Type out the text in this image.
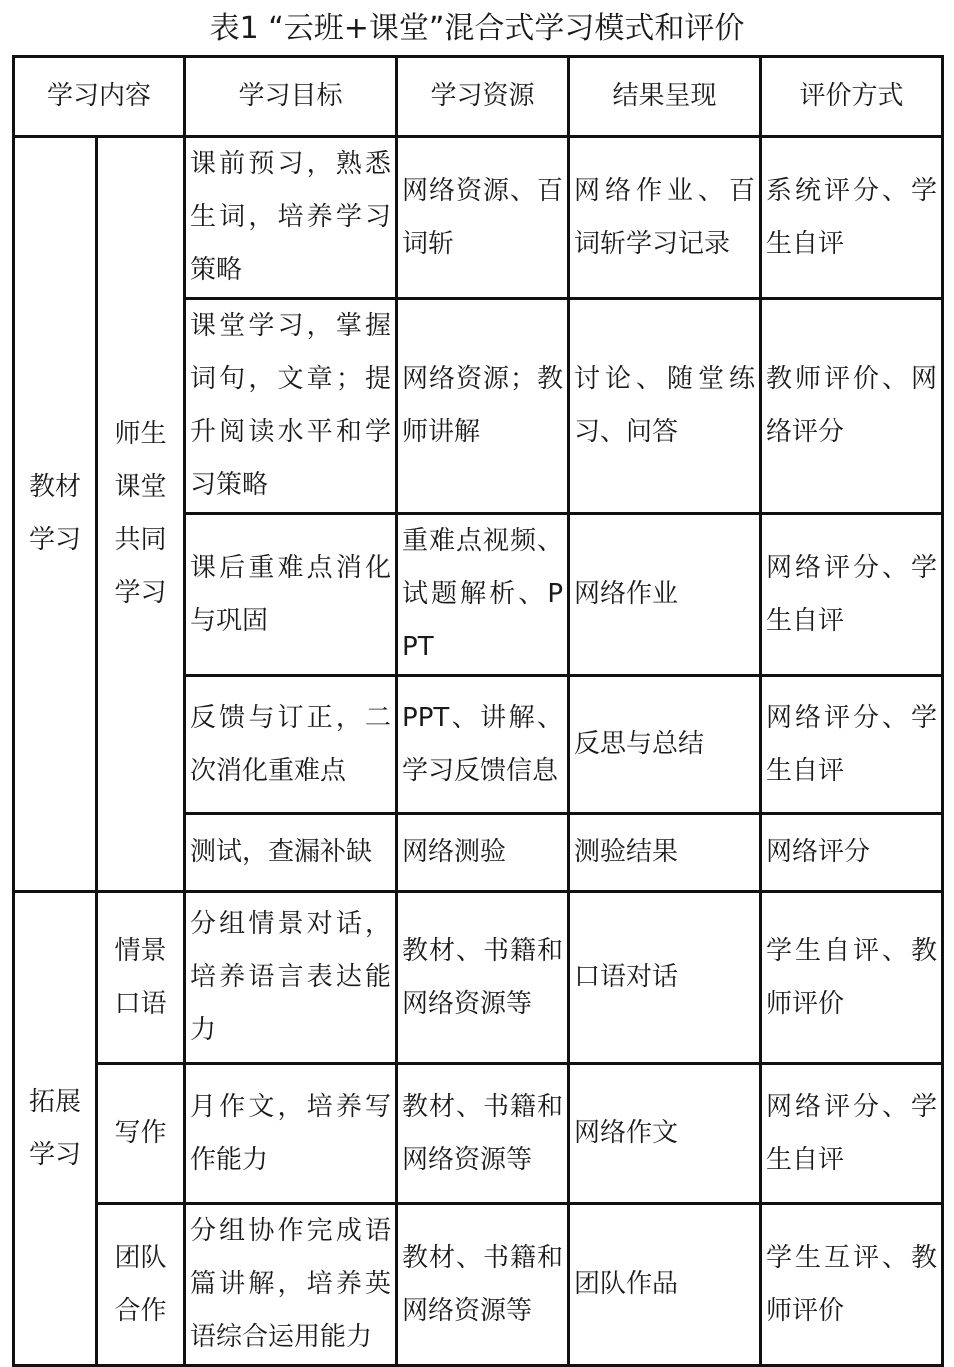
表1 “云班+课堂”混合式学习模式和评价
学习内容		学习目标	学习资源	结果呈现	评价方式
教材学习	师生课堂共同学习	课前预习，熟悉生词，培养学习策略	网络资源、百词斩	网络作业、百词斩学习记录	系统评分、学生自评
		课堂学习，掌握词句，文章；提升阅读水平和学习策略	网络资源；教师讲解	讨论、随堂练习、问答	教师评价、网络评分
		课后重难点消化与巩固	重难点视频、试题解析、PPT	网络作业	网络评分、学生自评
		反馈与订正，二次消化重难点	PPT、讲解、学习反馈信息	反思与总结	网络评分、学生自评
		测试，查漏补缺	网络测验	测验结果	网络评分
拓展学习	情景口语	分组情景对话，培养语言表达能力	教材、书籍和网络资源等	口语对话	学生自评、教师评价
	写作	月作文，培养写作能力	教材、书籍和网络资源等	网络作文	网络评分、学生自评
	团队合作	分组协作完成语篇讲解，培养英语综合运用能力	教材、书籍和网络资源等	团队作品	学生互评、教师评价
